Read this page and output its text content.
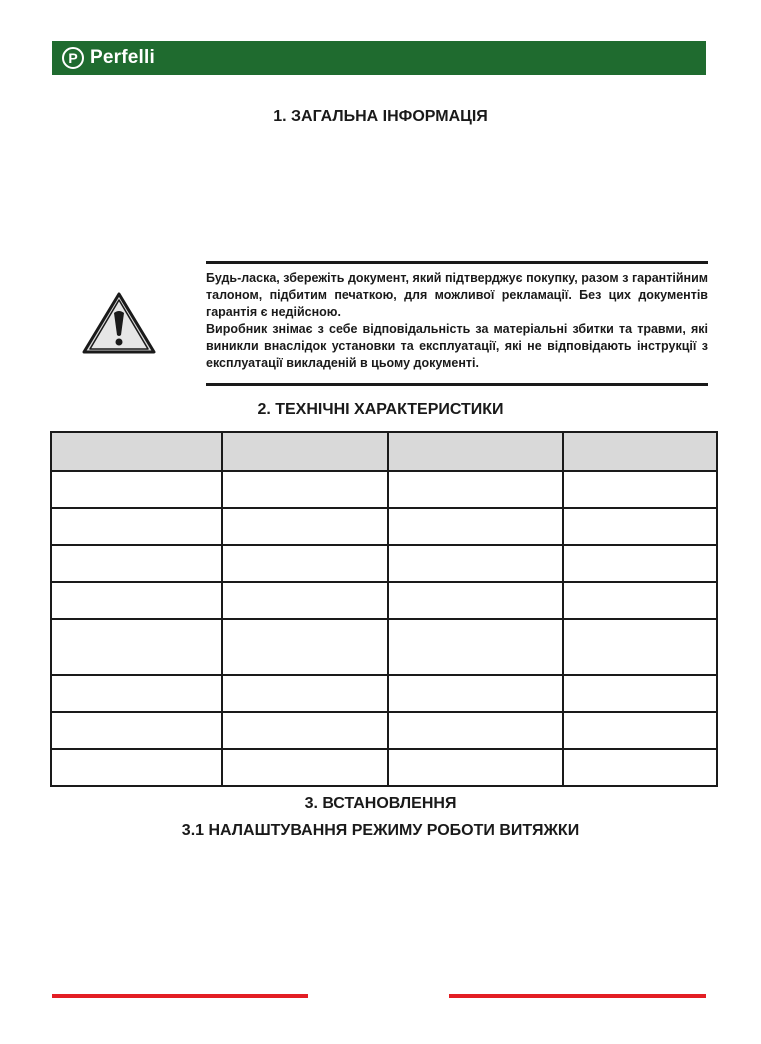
P Perfelli
1. ЗАГАЛЬНА ІНФОРМАЦІЯ

Будь-ласка, збережіть документ, який підтверджує покупку, разом з гарантійним талоном, підбитим печаткою, для можливої рекламації. Без цих документів гарантія є недійсною.

Виробник знімає з себе відповідальність за матеріальні збитки та травми, які виникли внаслідок установки та експлуатації, які не відповідають інструкції з експлуатації викладеній в цьому документі.

2. ТЕХНІЧНІ ХАРАКТЕРИСТИКИ

3. ВСТАНОВЛЕННЯ
3.1 НАЛАШТУВАННЯ РЕЖИМУ РОБОТИ ВИТЯЖКИ
